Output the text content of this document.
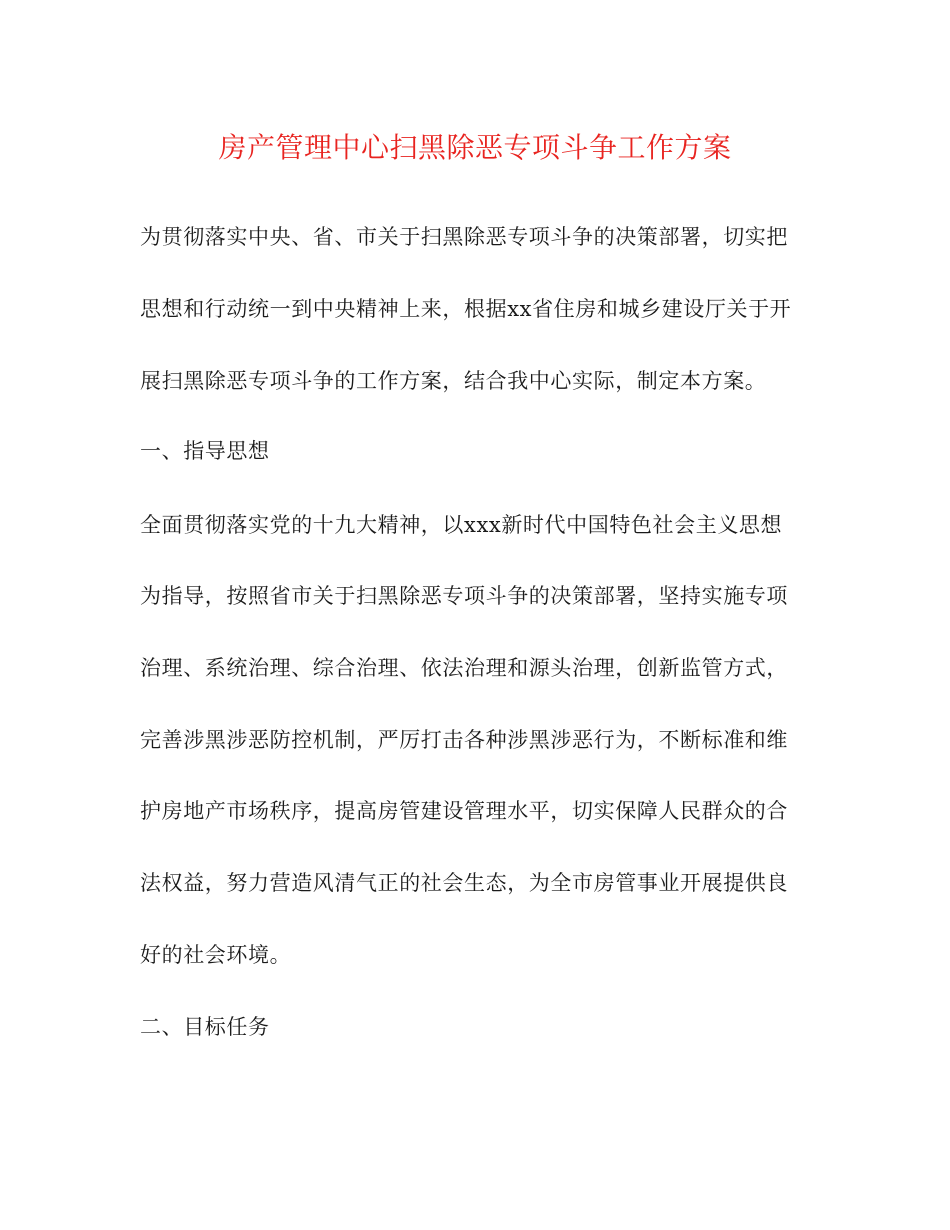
房产管理中心扫黑除恶专项斗争工作方案
为贯彻落实中央、省、市关于扫黑除恶专项斗争的决策部署，切实把
思想和行动统一到中央精神上来，根据xx省住房和城乡建设厅关于开
展扫黑除恶专项斗争的工作方案，结合我中心实际，制定本方案。
一、指导思想
全面贯彻落实党的十九大精神，以xxx新时代中国特色社会主义思想
为指导，按照省市关于扫黑除恶专项斗争的决策部署，坚持实施专项
治理、系统治理、综合治理、依法治理和源头治理，创新监管方式，
完善涉黑涉恶防控机制，严厉打击各种涉黑涉恶行为，不断标准和维
护房地产市场秩序，提高房管建设管理水平，切实保障人民群众的合
法权益，努力营造风清气正的社会生态，为全市房管事业开展提供良
好的社会环境。
二、目标任务
